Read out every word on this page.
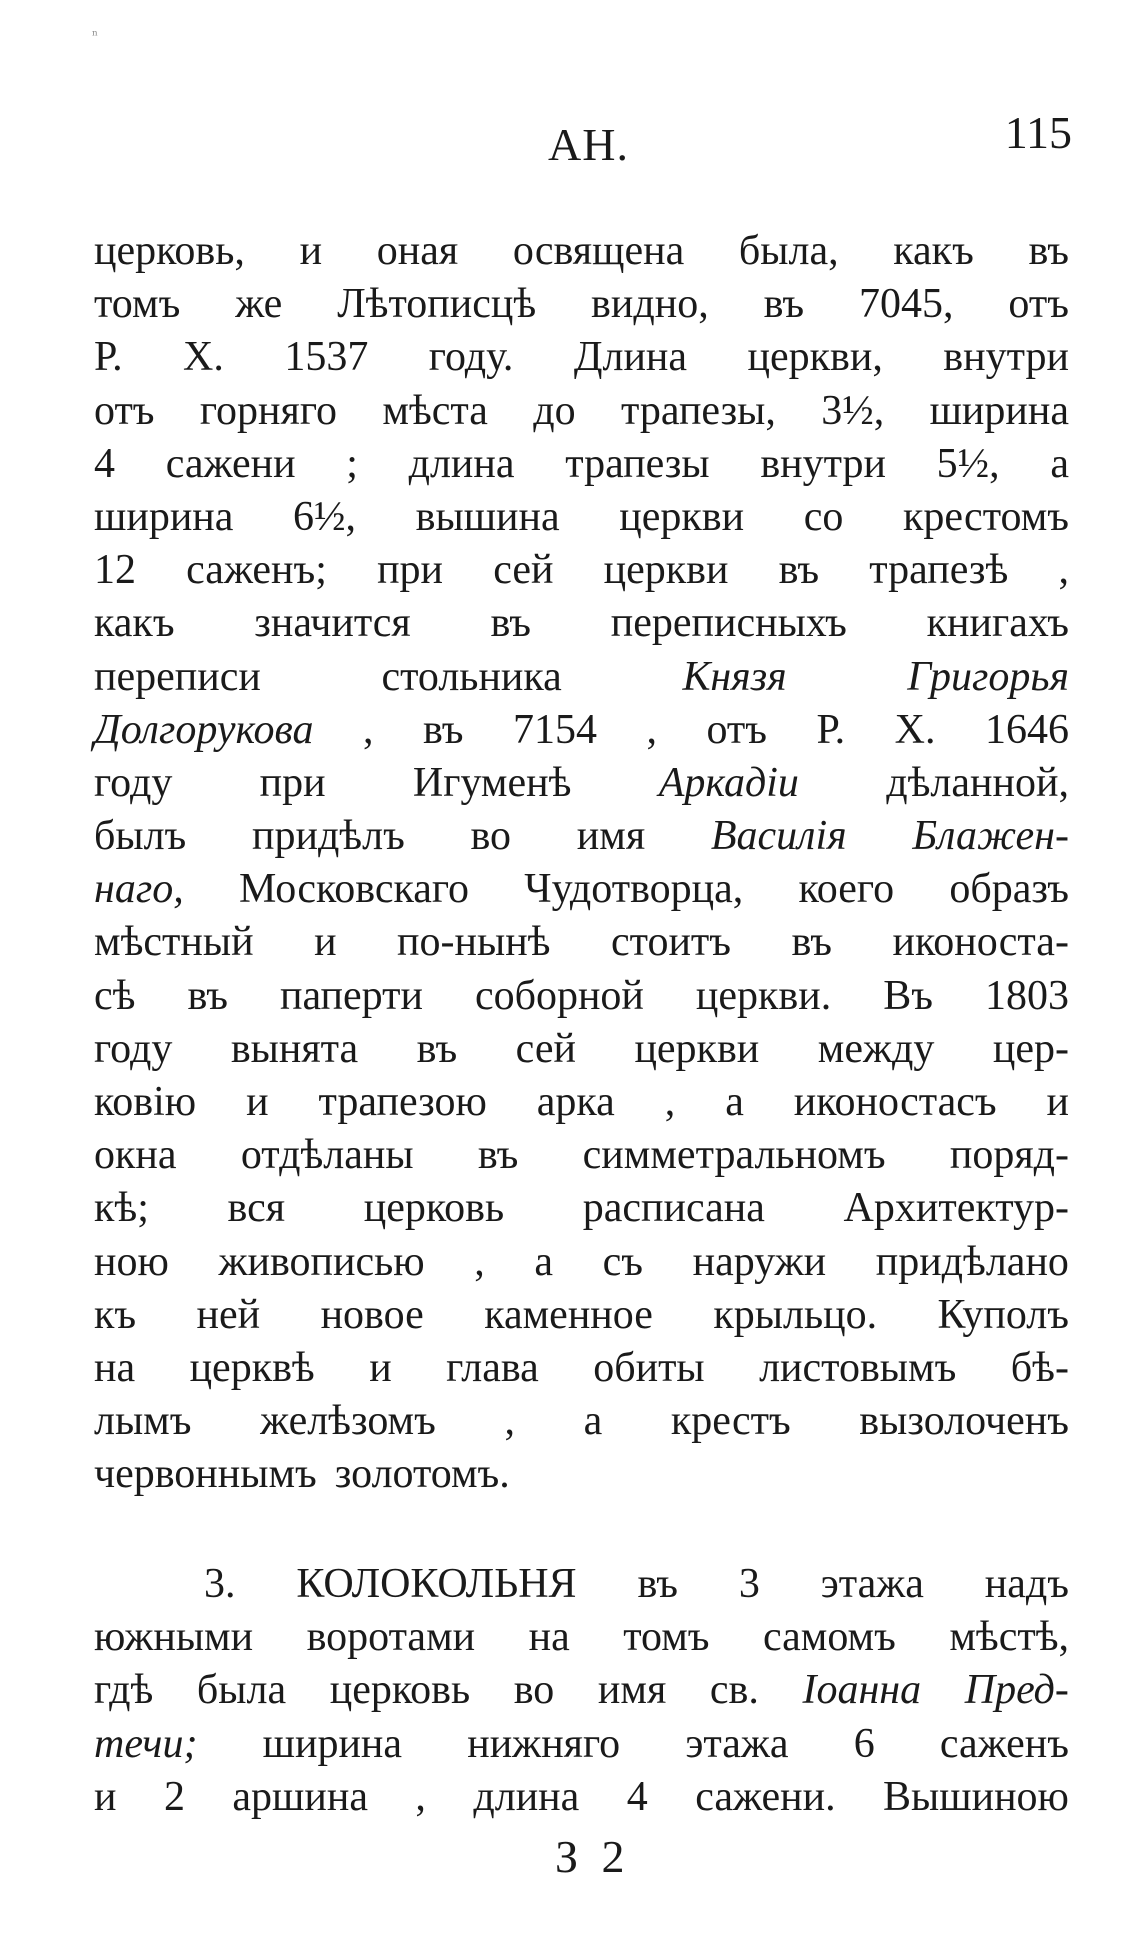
ⁿ
АН.	115
церковь, и оная освящена была, какъ въ
томъ же Лѣтописцѣ видно, въ 7045, отъ
Р. Х. 1537 году. Длина церкви, внутри
отъ горняго мѣста до трапезы, 3½, ширина
4 сажени ; длина трапезы внутри 5½, а
ширина 6½, вышина церкви со крестомъ
12 саженъ; при сей церкви въ трапезѣ ,
какъ значится въ переписныхъ книгахъ
переписи	стольника	Князя	Григорья
Долгорукова , въ 7154 , отъ Р. Х. 1646
году при Игуменѣ Аркадіи дѣланной,
былъ придѣлъ во имя Василія Блажен-
наго, Московскаго Чудотворца, коего образъ
мѣстный и по-нынѣ стоитъ въ иконоста-
сѣ въ паперти соборной церкви. Въ 1803
году вынята въ сей церкви между цер-
ковію и трапезою арка , а иконостасъ и
окна отдѣланы въ симметральномъ поряд-
кѣ; вся церковь расписана Архитектур-
ною живописью , а съ наружи придѣлано
къ ней новое каменное крыльцо. Куполъ
на церквѣ и глава обиты листовымъ бѣ-
лымъ желѣзомъ , а крестъ вызолоченъ
червоннымъ золотомъ.
3. КОЛОКОЛЬНЯ въ 3 этажа надъ
южными воротами на томъ самомъ мѣстѣ,
гдѣ была церковь во имя св. Іоанна Пред-
течи; ширина нижняго этажа 6 саженъ
и 2 аршина , длина 4 сажени. Вышиною
З 2
